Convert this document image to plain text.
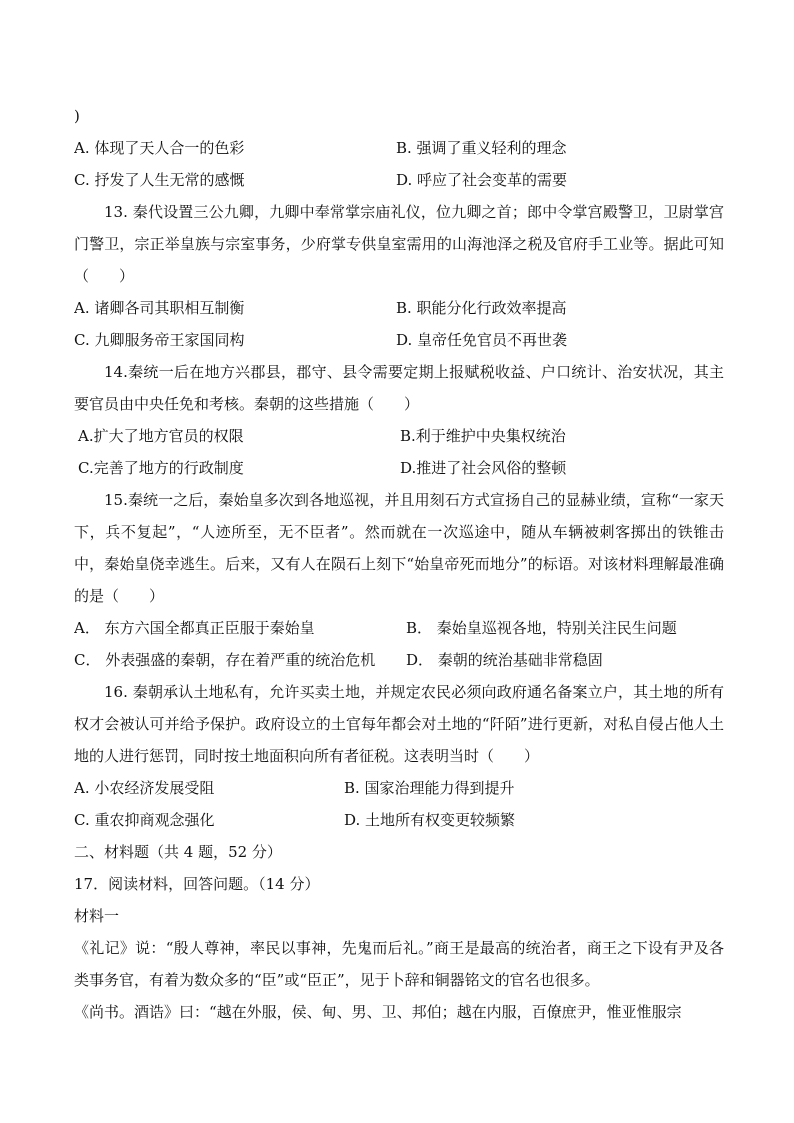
)
A. 体现了天人合一的色彩	B. 强调了重义轻利的理念
C. 抒发了人生无常的感慨	D. 呼应了社会变革的需要
13. 秦代设置三公九卿，九卿中奉常掌宗庙礼仪，位九卿之首；郎中令掌宫殿警卫，卫尉掌宫门警卫，宗正举皇族与宗室事务，少府掌专供皇室需用的山海池泽之税及官府手工业等。据此可知（　　）
A. 诸卿各司其职相互制衡	B. 职能分化行政效率提高
C. 九卿服务帝王家国同构	D. 皇帝任免官员不再世袭
14.秦统一后在地方兴郡县，郡守、县令需要定期上报赋税收益、户口统计、治安状况，其主要官员由中央任免和考核。秦朝的这些措施（　　）
A.扩大了地方官员的权限	B.利于维护中央集权统治
C.完善了地方的行政制度	D.推进了社会风俗的整顿
15.秦统一之后，秦始皇多次到各地巡视，并且用刻石方式宣扬自己的显赫业绩，宣称“一家天下，兵不复起”，“人迹所至，无不臣者”。然而就在一次巡途中，随从车辆被刺客掷出的铁锥击中，秦始皇侥幸逃生。后来，又有人在陨石上刻下“始皇帝死而地分”的标语。对该材料理解最准确的是（　　）
A． 东方六国全都真正臣服于秦始皇	B． 秦始皇巡视各地，特别关注民生问题
C． 外表强盛的秦朝，存在着严重的统治危机	D． 秦朝的统治基础非常稳固
16. 秦朝承认土地私有，允许买卖土地，并规定农民必须向政府通名备案立户，其土地的所有权才会被认可并给予保护。政府设立的土官每年都会对土地的“阡陌”进行更新，对私自侵占他人土地的人进行惩罚，同时按土地面积向所有者征税。这表明当时（　　）
A. 小农经济发展受阻	B. 国家治理能力得到提升
C. 重农抑商观念强化	D. 土地所有权变更较频繁
二、材料题（共 4 题，52 分）
17．阅读材料，回答问题。（14 分）
材料一
《礼记》说：“殷人尊神，率民以事神，先鬼而后礼。”商王是最高的统治者，商王之下设有尹及各类事务官，有着为数众多的“臣”或“臣正”，见于卜辞和铜器铭文的官名也很多。
《尚书。酒诰》曰：“越在外服，侯、甸、男、卫、邦伯；越在内服，百僚庶尹，惟亚惟服宗
